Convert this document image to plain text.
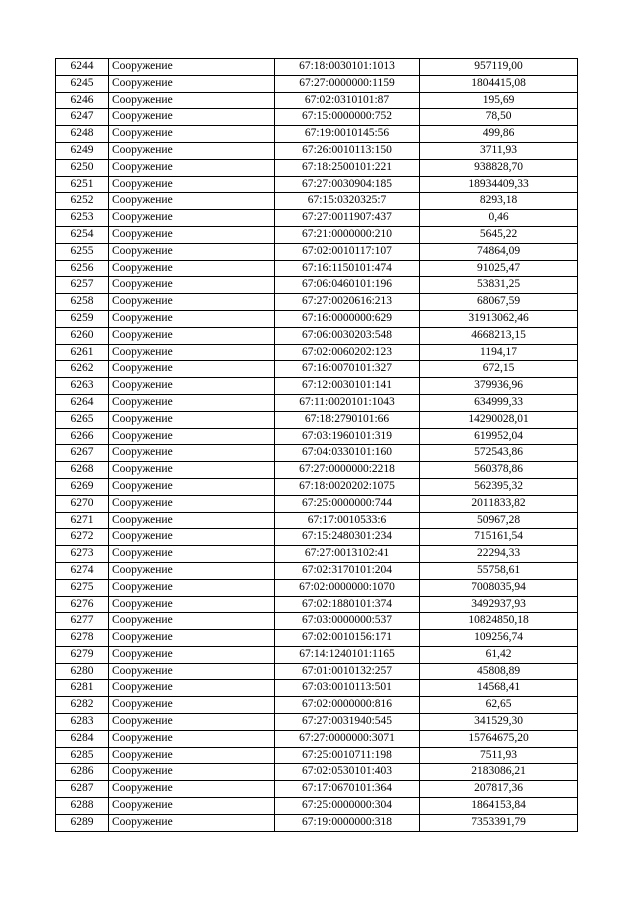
6244	Сооружение	67:18:0030101:1013	957119,00
6245	Сооружение	67:27:0000000:1159	1804415,08
6246	Сооружение	67:02:0310101:87	195,69
6247	Сооружение	67:15:0000000:752	78,50
6248	Сооружение	67:19:0010145:56	499,86
6249	Сооружение	67:26:0010113:150	3711,93
6250	Сооружение	67:18:2500101:221	938828,70
6251	Сооружение	67:27:0030904:185	18934409,33
6252	Сооружение	67:15:0320325:7	8293,18
6253	Сооружение	67:27:0011907:437	0,46
6254	Сооружение	67:21:0000000:210	5645,22
6255	Сооружение	67:02:0010117:107	74864,09
6256	Сооружение	67:16:1150101:474	91025,47
6257	Сооружение	67:06:0460101:196	53831,25
6258	Сооружение	67:27:0020616:213	68067,59
6259	Сооружение	67:16:0000000:629	31913062,46
6260	Сооружение	67:06:0030203:548	4668213,15
6261	Сооружение	67:02:0060202:123	1194,17
6262	Сооружение	67:16:0070101:327	672,15
6263	Сооружение	67:12:0030101:141	379936,96
6264	Сооружение	67:11:0020101:1043	634999,33
6265	Сооружение	67:18:2790101:66	14290028,01
6266	Сооружение	67:03:1960101:319	619952,04
6267	Сооружение	67:04:0330101:160	572543,86
6268	Сооружение	67:27:0000000:2218	560378,86
6269	Сооружение	67:18:0020202:1075	562395,32
6270	Сооружение	67:25:0000000:744	2011833,82
6271	Сооружение	67:17:0010533:6	50967,28
6272	Сооружение	67:15:2480301:234	715161,54
6273	Сооружение	67:27:0013102:41	22294,33
6274	Сооружение	67:02:3170101:204	55758,61
6275	Сооружение	67:02:0000000:1070	7008035,94
6276	Сооружение	67:02:1880101:374	3492937,93
6277	Сооружение	67:03:0000000:537	10824850,18
6278	Сооружение	67:02:0010156:171	109256,74
6279	Сооружение	67:14:1240101:1165	61,42
6280	Сооружение	67:01:0010132:257	45808,89
6281	Сооружение	67:03:0010113:501	14568,41
6282	Сооружение	67:02:0000000:816	62,65
6283	Сооружение	67:27:0031940:545	341529,30
6284	Сооружение	67:27:0000000:3071	15764675,20
6285	Сооружение	67:25:0010711:198	7511,93
6286	Сооружение	67:02:0530101:403	2183086,21
6287	Сооружение	67:17:0670101:364	207817,36
6288	Сооружение	67:25:0000000:304	1864153,84
6289	Сооружение	67:19:0000000:318	7353391,79
